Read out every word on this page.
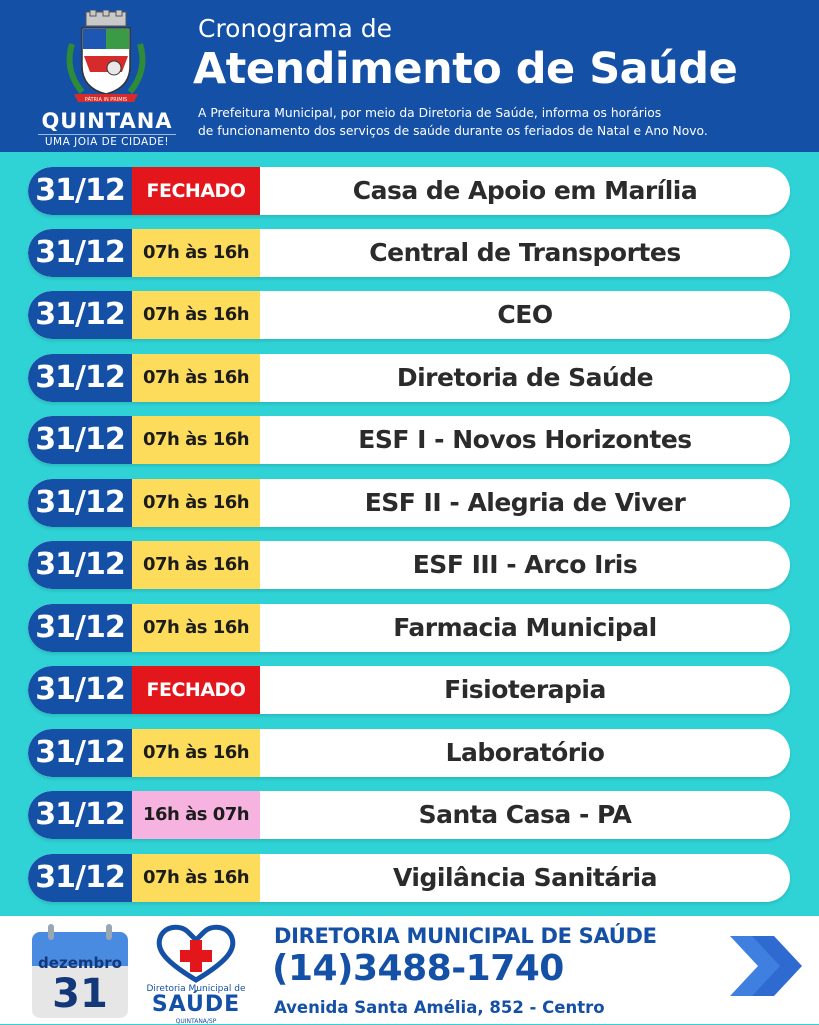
PÁTRIA IN PRIMIS

QUINTANA

UMA JOIA DE CIDADE!

Cronograma de
Atendimento de Saúde

A Prefeitura Municipal, por meio da Diretoria de Saúde, informa os horários
de funcionamento dos serviços de saúde durante os feriados de Natal e Ano Novo.

31/12	FECHADO	Casa de Apoio em Marília
31/12	07h às 16h	Central de Transportes
31/12	07h às 16h	CEO
31/12	07h às 16h	Diretoria de Saúde
31/12	07h às 16h	ESF I - Novos Horizontes
31/12	07h às 16h	ESF II - Alegria de Viver
31/12	07h às 16h	ESF III - Arco Iris
31/12	07h às 16h	Farmacia Municipal
31/12	FECHADO	Fisioterapia
31/12	07h às 16h	Laboratório
31/12	16h às 07h	Santa Casa - PA
31/12	07h às 16h	Vigilância Sanitária

dezembro

31	Diretoria Municipal de

SAÚDE

QUINTANA/SP

DIRETORIA MUNICIPAL DE SAÚDE

(14)3488-1740

Avenida Santa Amélia, 852 - Centro
